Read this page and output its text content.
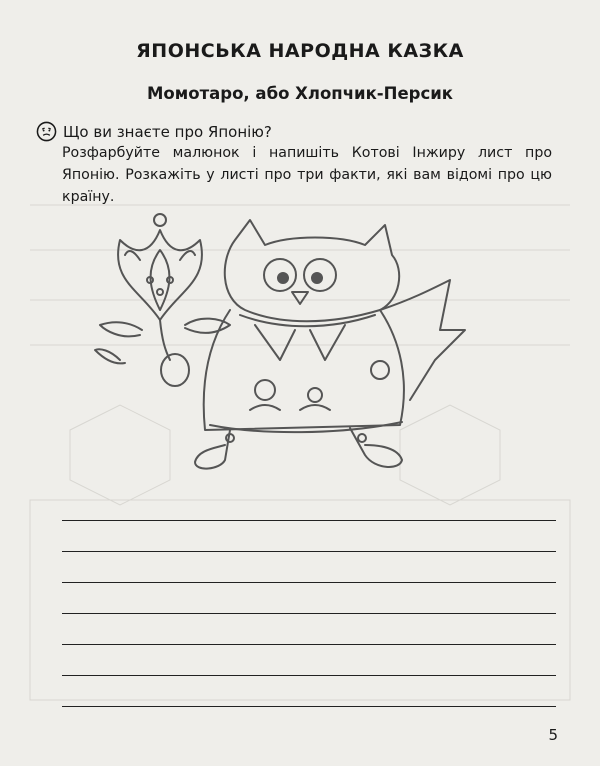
ЯПОНСЬКА НАРОДНА КАЗКА
Момотаро, або Хлопчик-Персик
Що ви знаєте про Японію?
Розфарбуйте малюнок і напишіть Котові Інжиру лист про Японію. Розкажіть у листі про три факти, які вам відомі про цю країну.
5
